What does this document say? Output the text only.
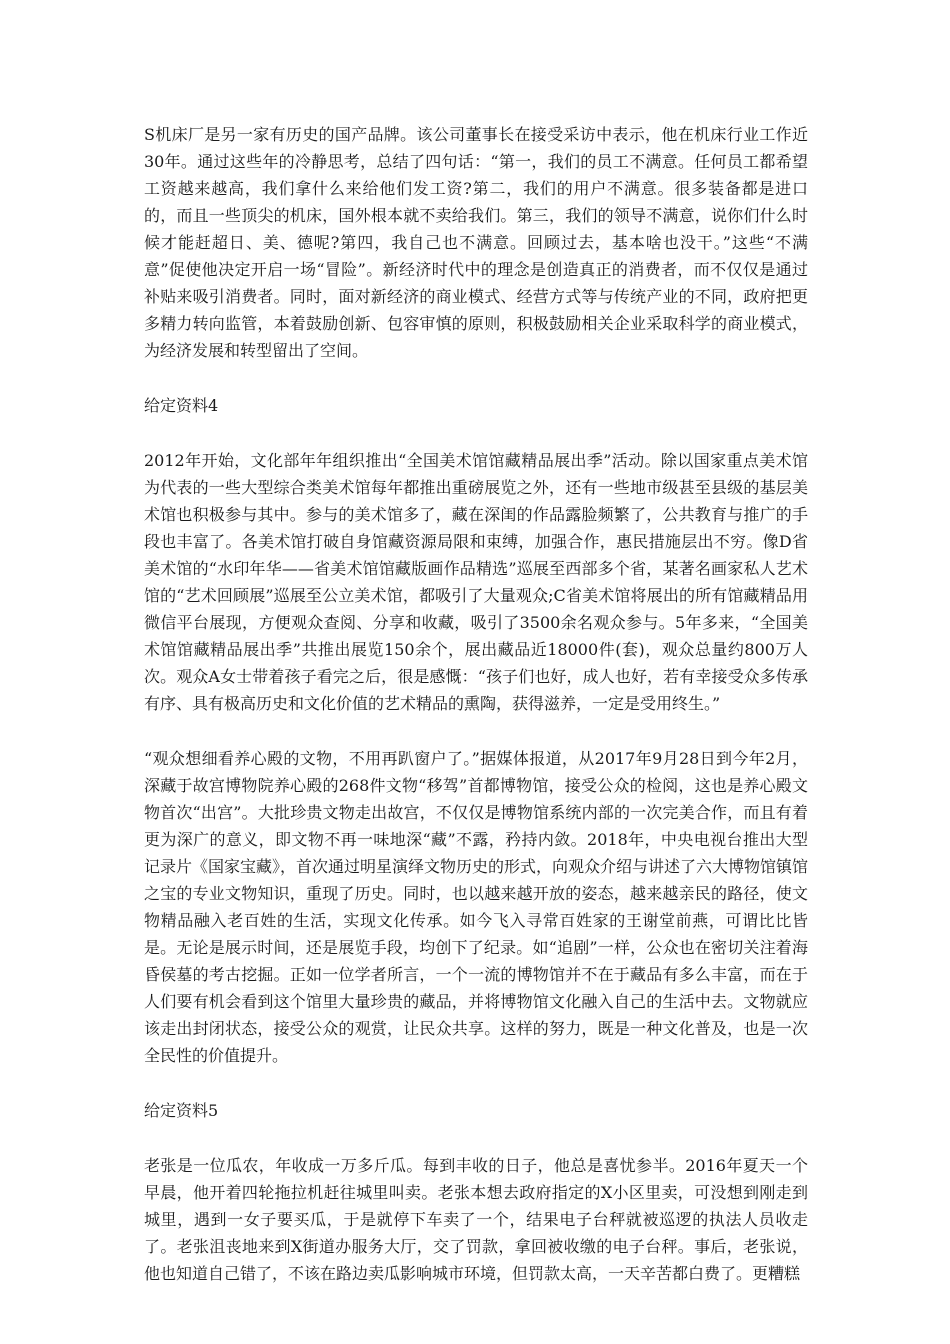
S机床厂是另一家有历史的国产品牌。该公司董事长在接受采访中表示，他在机床行业工作近30年。通过这些年的冷静思考，总结了四句话：“第一，我们的员工不满意。任何员工都希望工资越来越高，我们拿什么来给他们发工资?第二，我们的用户不满意。很多装备都是进口的，而且一些顶尖的机床，国外根本就不卖给我们。第三，我们的领导不满意，说你们什么时候才能赶超日、美、德呢?第四，我自己也不满意。回顾过去，基本啥也没干。”这些“不满意”促使他决定开启一场“冒险”。新经济时代中的理念是创造真正的消费者，而不仅仅是通过补贴来吸引消费者。同时，面对新经济的商业模式、经营方式等与传统产业的不同，政府把更多精力转向监管，本着鼓励创新、包容审慎的原则，积极鼓励相关企业采取科学的商业模式，为经济发展和转型留出了空间。

给定资料4

2012年开始，文化部年年组织推出“全国美术馆馆藏精品展出季”活动。除以国家重点美术馆为代表的一些大型综合类美术馆每年都推出重磅展览之外，还有一些地市级甚至县级的基层美术馆也积极参与其中。参与的美术馆多了，藏在深闺的作品露脸频繁了，公共教育与推广的手段也丰富了。各美术馆打破自身馆藏资源局限和束缚，加强合作，惠民措施层出不穷。像D省美术馆的“水印年华——省美术馆馆藏版画作品精选”巡展至西部多个省，某著名画家私人艺术馆的“艺术回顾展”巡展至公立美术馆，都吸引了大量观众;C省美术馆将展出的所有馆藏精品用微信平台展现，方便观众查阅、分享和收藏，吸引了3500余名观众参与。5年多来，“全国美术馆馆藏精品展出季”共推出展览150余个，展出藏品近18000件(套)，观众总量约800万人次。观众A女士带着孩子看完之后，很是感慨：“孩子们也好，成人也好，若有幸接受众多传承有序、具有极高历史和文化价值的艺术精品的熏陶，获得滋养，一定是受用终生。”

“观众想细看养心殿的文物，不用再趴窗户了。”据媒体报道，从2017年9月28日到今年2月，深藏于故宫博物院养心殿的268件文物“移驾”首都博物馆，接受公众的检阅，这也是养心殿文物首次“出宫”。大批珍贵文物走出故宫，不仅仅是博物馆系统内部的一次完美合作，而且有着更为深广的意义，即文物不再一味地深“藏”不露，矜持内敛。2018年，中央电视台推出大型记录片《国家宝藏》，首次通过明星演绎文物历史的形式，向观众介绍与讲述了六大博物馆镇馆之宝的专业文物知识，重现了历史。同时，也以越来越开放的姿态，越来越亲民的路径，使文物精品融入老百姓的生活，实现文化传承。如今飞入寻常百姓家的王谢堂前燕，可谓比比皆是。无论是展示时间，还是展览手段，均创下了纪录。如“追剧”一样，公众也在密切关注着海昏侯墓的考古挖掘。正如一位学者所言，一个一流的博物馆并不在于藏品有多么丰富，而在于人们要有机会看到这个馆里大量珍贵的藏品，并将博物馆文化融入自己的生活中去。文物就应该走出封闭状态，接受公众的观赏，让民众共享。这样的努力，既是一种文化普及，也是一次全民性的价值提升。

给定资料5

老张是一位瓜农，年收成一万多斤瓜。每到丰收的日子，他总是喜忧参半。2016年夏天一个早晨，他开着四轮拖拉机赶往城里叫卖。老张本想去政府指定的X小区里卖，可没想到刚走到城里，遇到一女子要买瓜，于是就停下车卖了一个，结果电子台秤就被巡逻的执法人员收走了。老张沮丧地来到X街道办服务大厅，交了罚款，拿回被收缴的电子台秤。事后，老张说，他也知道自己错了，不该在路边卖瓜影响城市环境，但罚款太高，一天辛苦都白费了。更糟糕
